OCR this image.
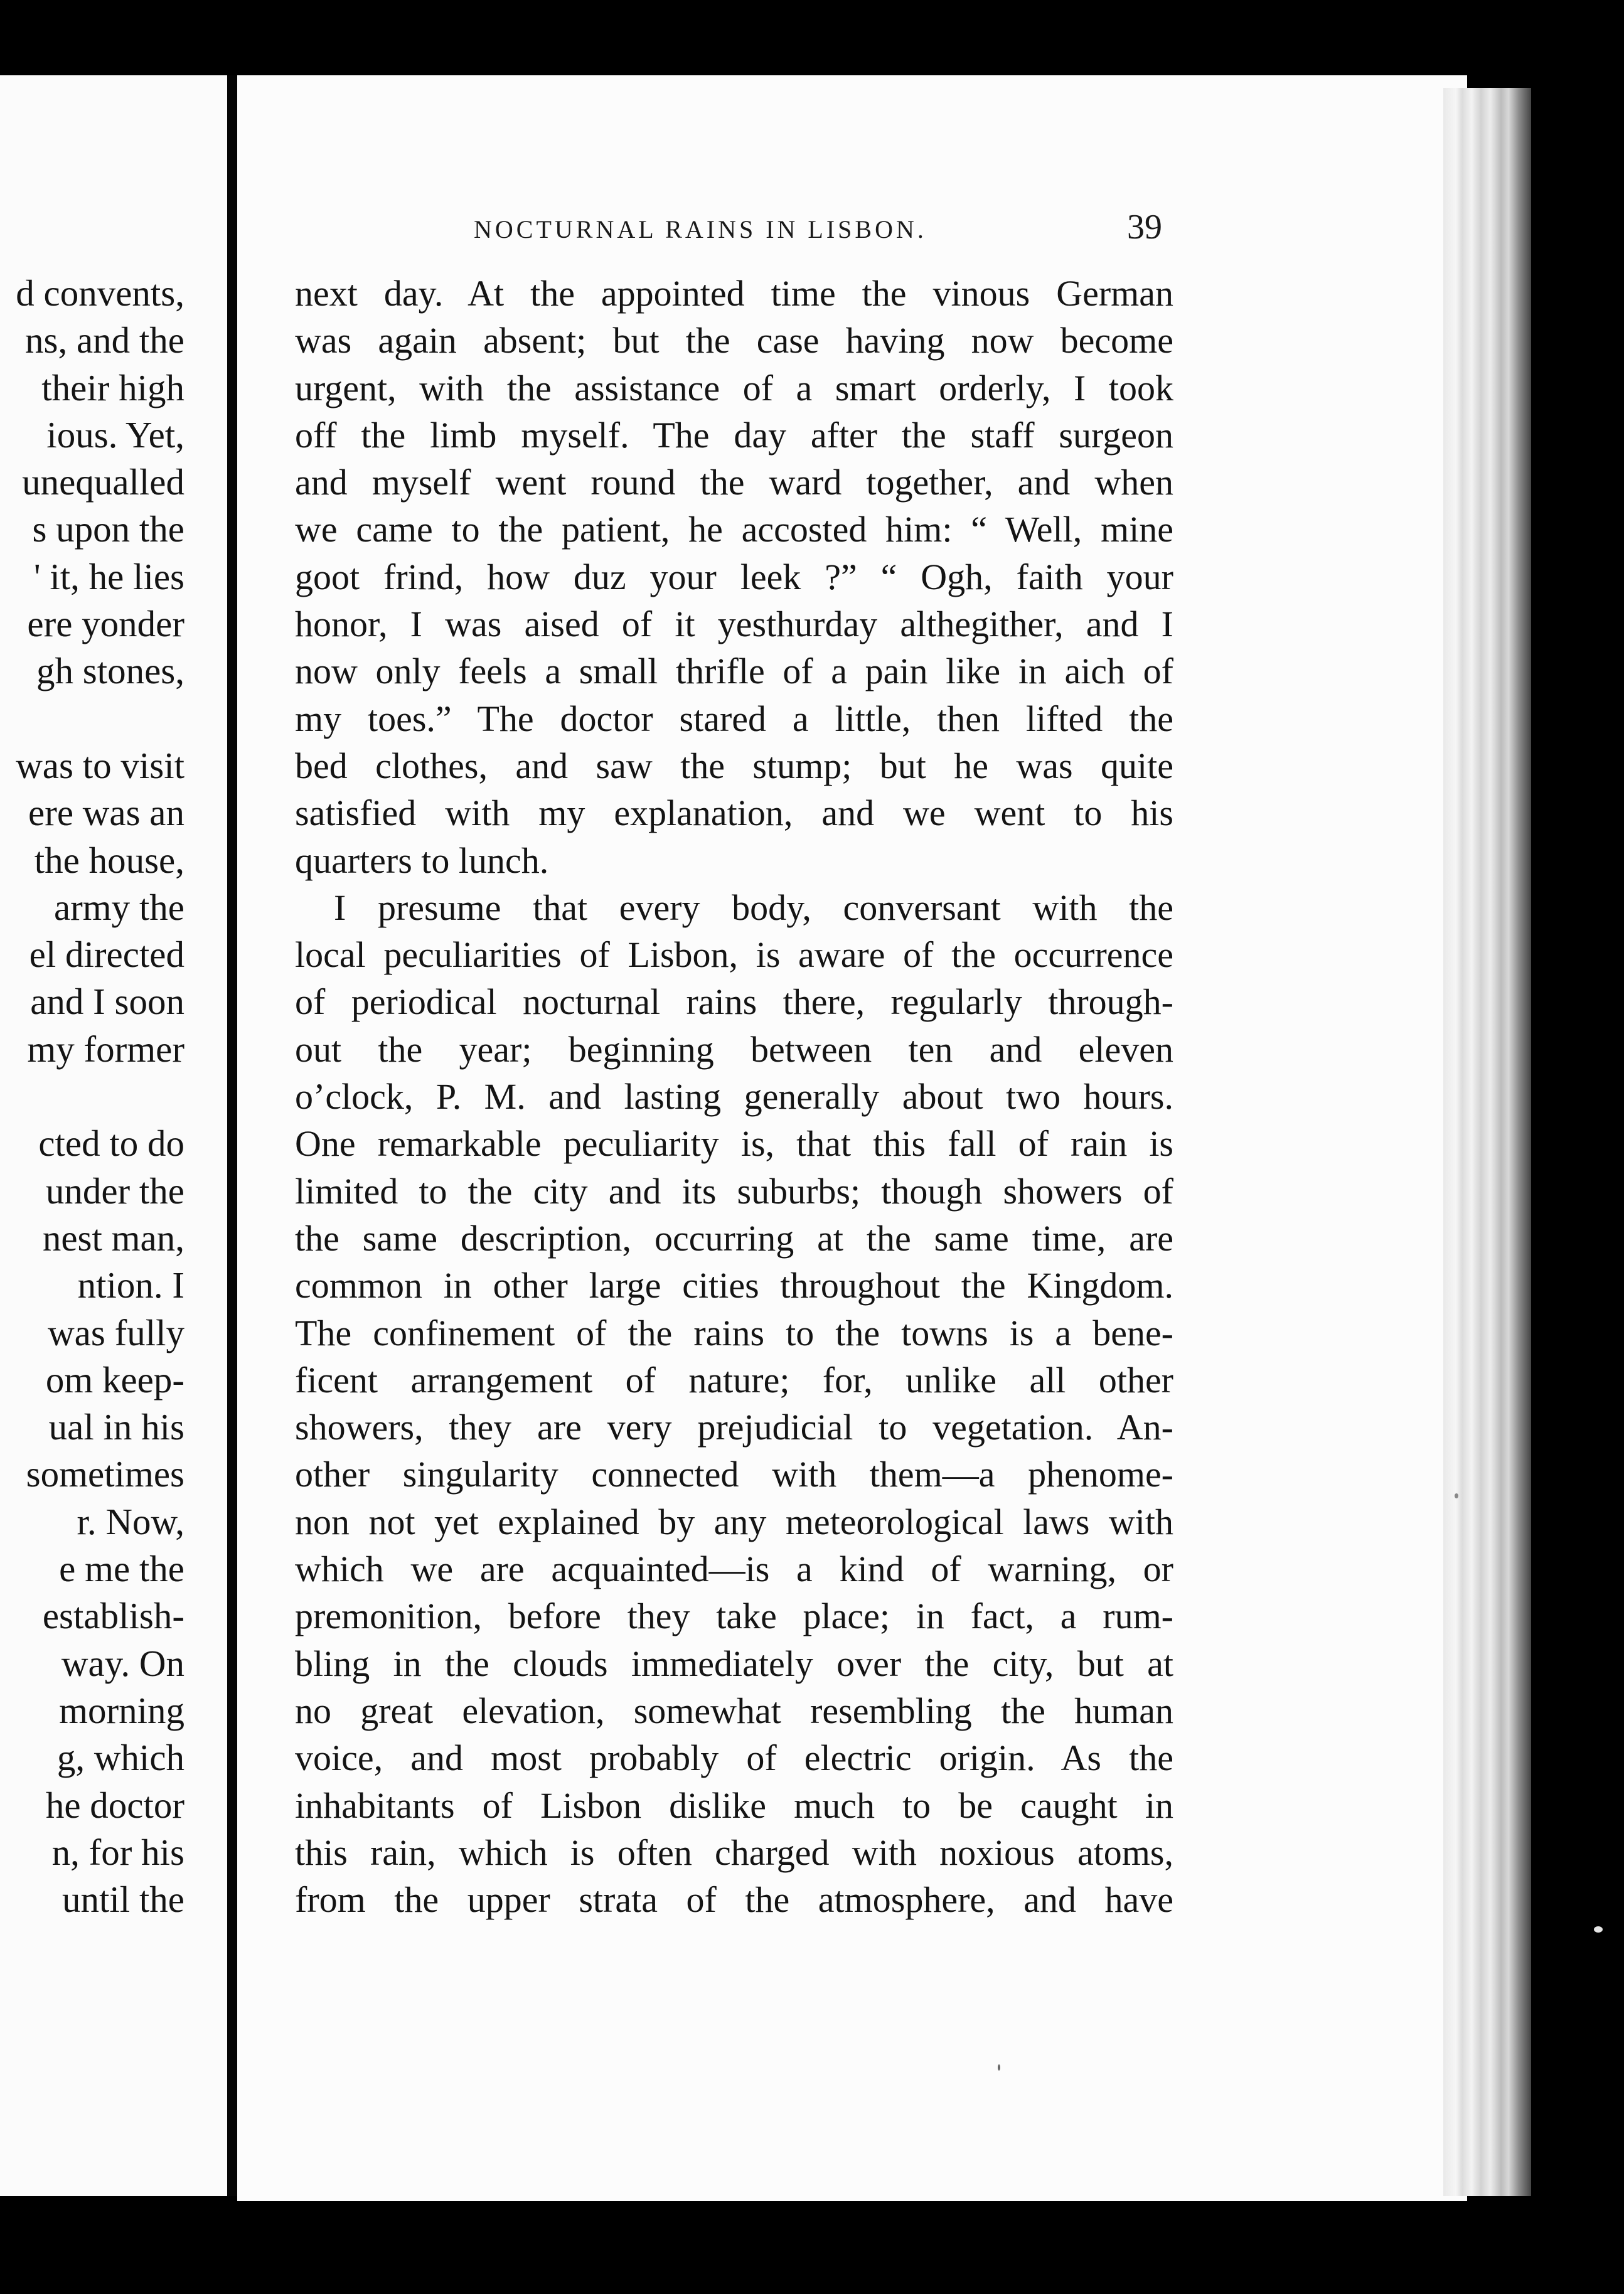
d convents,
ns, and the
their high
ious. Yet,
unequalled
s upon the
' it, he lies
ere yonder
gh stones,
was to visit
ere was an
the house,
army the
el directed
and I soon
my former
cted to do
under the
nest man,
ntion. I
was fully
om keep-
ual in his
sometimes
r. Now,
e me the
establish-
way. On
morning
g, which
he doctor
n, for his
until the
NOCTURNAL RAINS IN LISBON.	39
next day. At the appointed time the vinous German
was again absent; but the case having now become
urgent, with the assistance of a smart orderly, I took
off the limb myself. The day after the staff surgeon
and myself went round the ward together, and when
we came to the patient, he accosted him: “ Well, mine
goot frind, how duz your leek ?” “ Ogh, faith your
honor, I was aised of it yesthurday althegither, and I
now only feels a small thrifle of a pain like in aich of
my toes.” The doctor stared a little, then lifted the
bed clothes, and saw the stump; but he was quite
satisfied with my explanation, and we went to his
quarters to lunch.
I presume that every body, conversant with the
local peculiarities of Lisbon, is aware of the occurrence
of periodical nocturnal rains there, regularly through-
out the year; beginning between ten and eleven
o’clock, P. M. and lasting generally about two hours.
One remarkable peculiarity is, that this fall of rain is
limited to the city and its suburbs; though showers of
the same description, occurring at the same time, are
common in other large cities throughout the Kingdom.
The confinement of the rains to the towns is a bene-
ficent arrangement of nature; for, unlike all other
showers, they are very prejudicial to vegetation. An-
other singularity connected with them—a phenome-
non not yet explained by any meteorological laws with
which we are acquainted—is a kind of warning, or
premonition, before they take place; in fact, a rum-
bling in the clouds immediately over the city, but at
no great elevation, somewhat resembling the human
voice, and most probably of electric origin. As the
inhabitants of Lisbon dislike much to be caught in
this rain, which is often charged with noxious atoms,
from the upper strata of the atmosphere, and have
